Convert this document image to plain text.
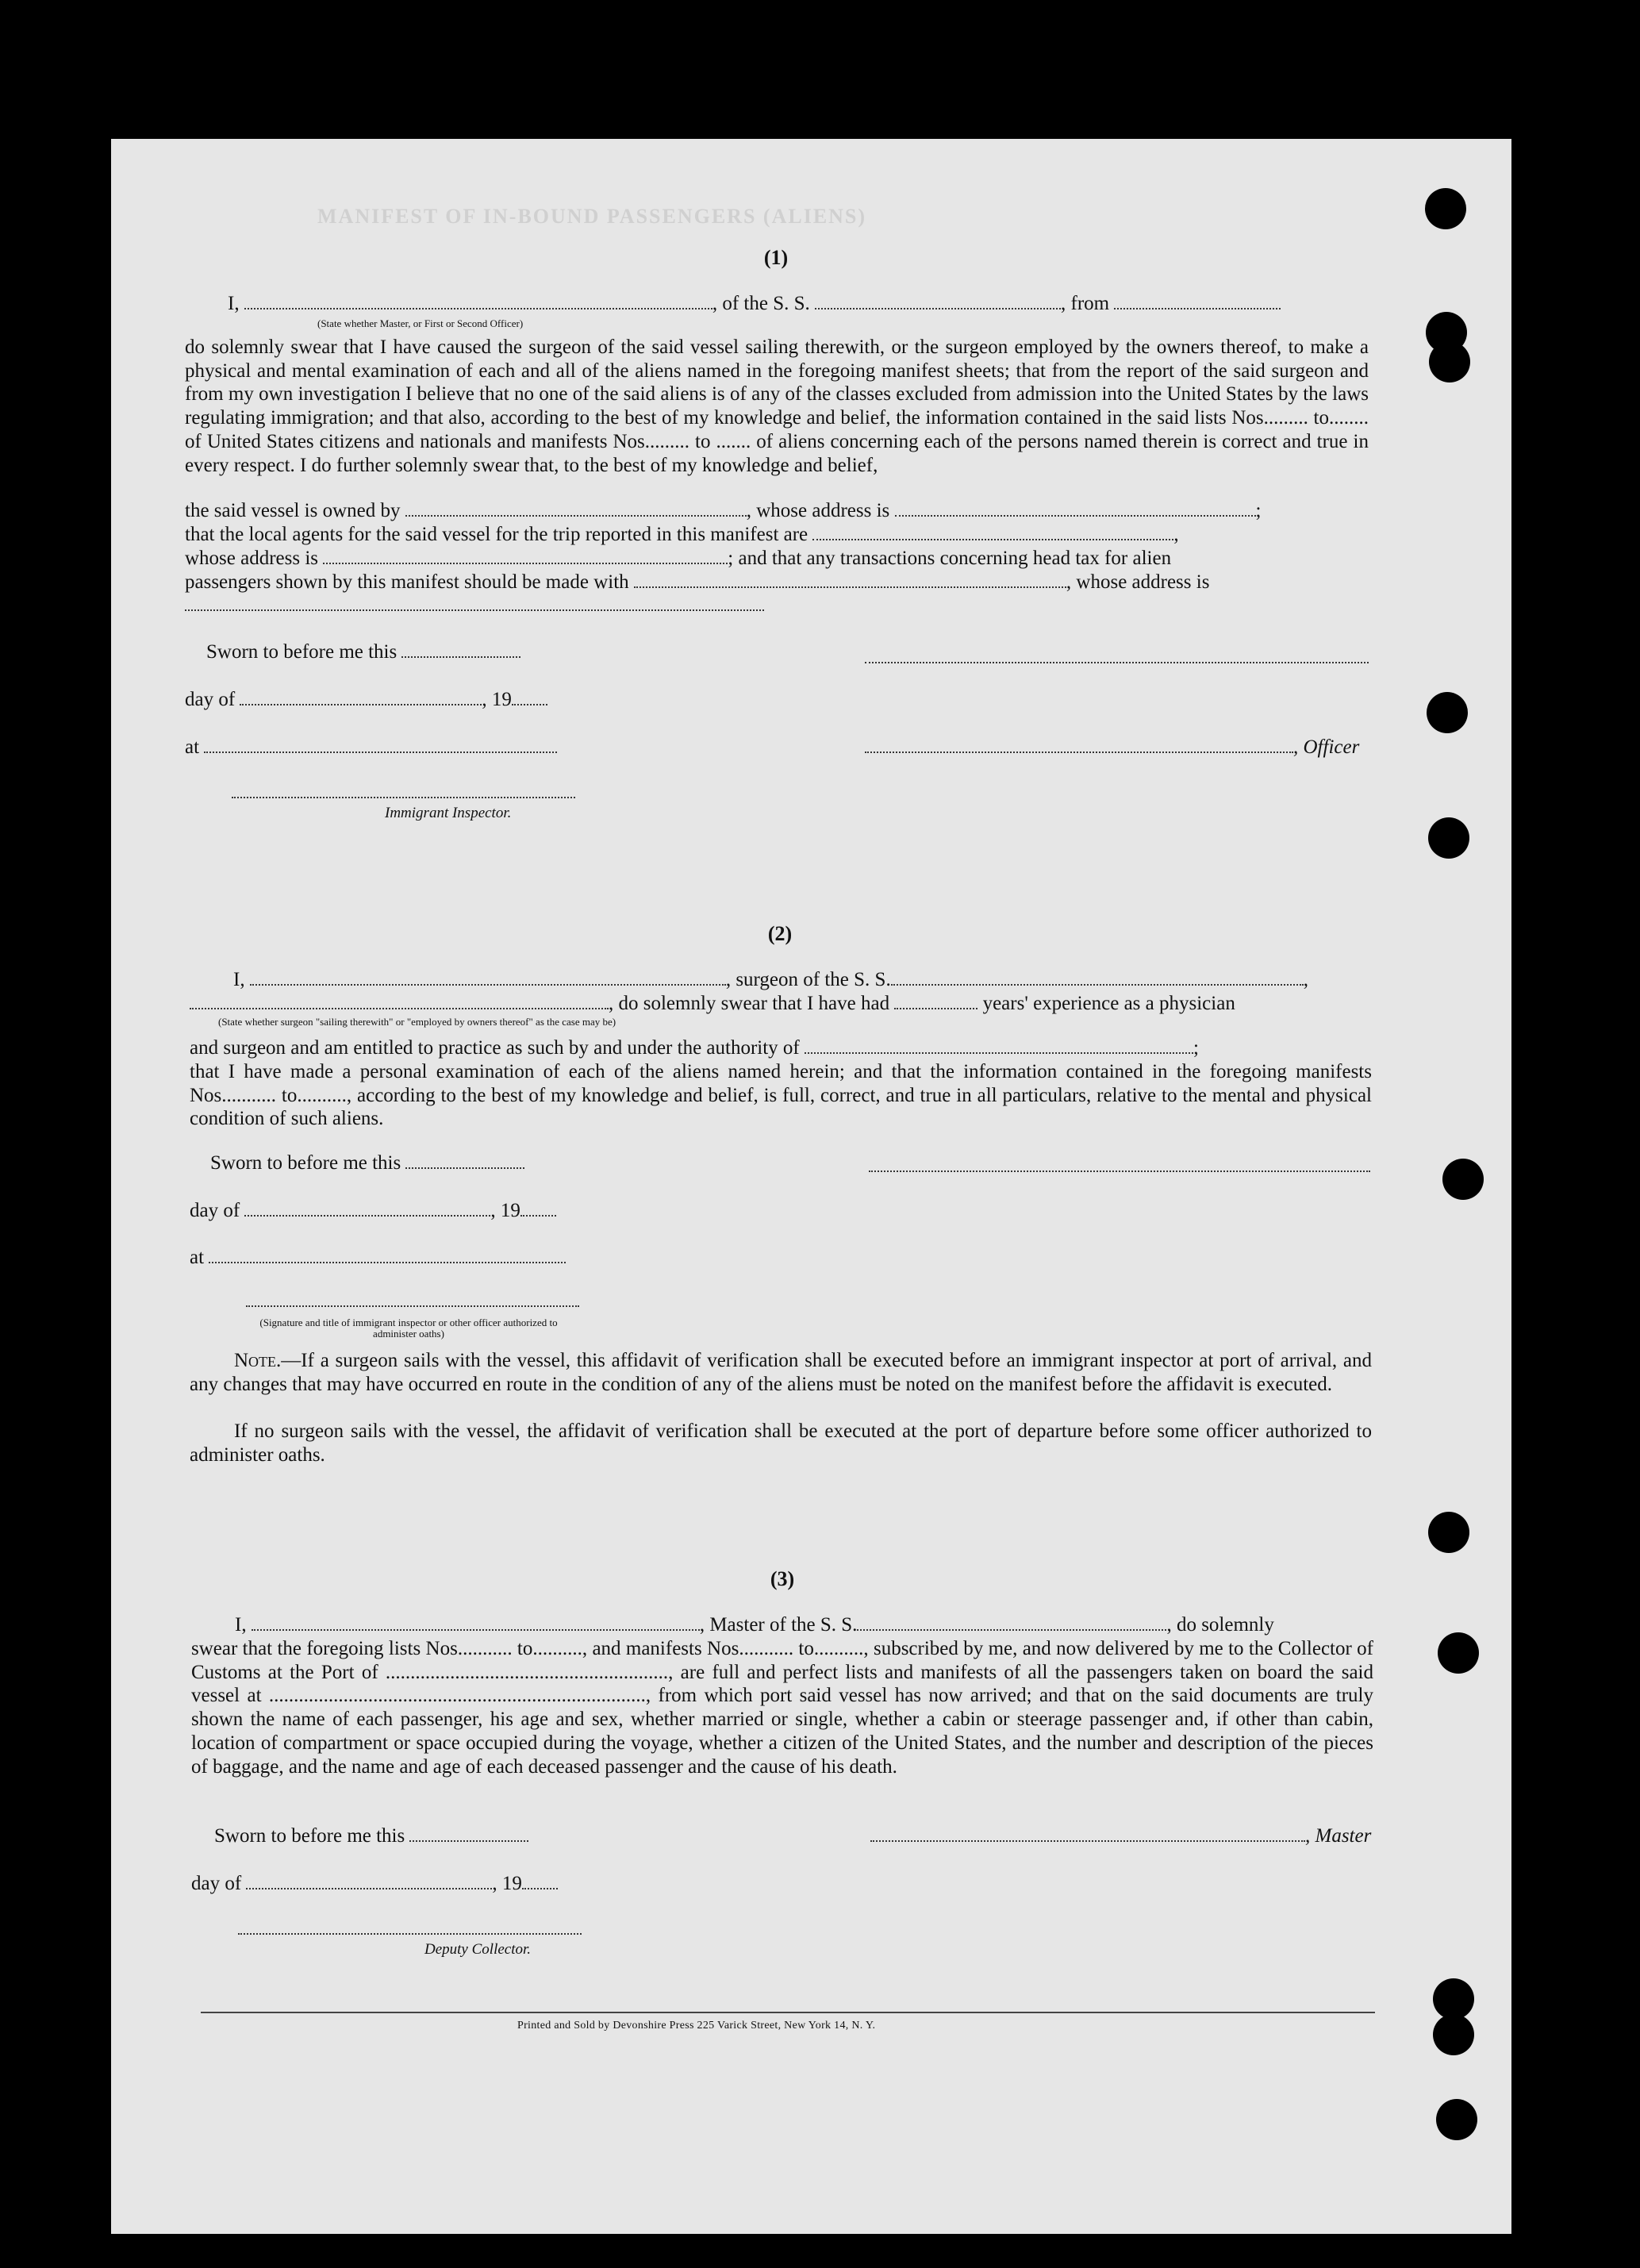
MANIFEST OF IN-BOUND PASSENGERS (ALIENS)
(1)
I,	, of the S. S.	, from
(State whether Master, or First or Second Officer)
do solemnly swear that I have caused the surgeon of the said vessel sailing therewith, or the surgeon employed by the owners thereof, to make a physical and mental examination of each and all of the aliens named in the foregoing manifest sheets; that from the report of the said surgeon and from my own investigation I believe that no one of the said aliens is of any of the classes excluded from admission into the United States by the laws regulating immigration; and that also, according to the best of my knowledge and belief, the information contained in the said lists Nos......... to........ of United States citizens and nationals and manifests Nos......... to ....... of aliens concerning each of the persons named therein is correct and true in every respect. I do further solemnly swear that, to the best of my knowledge and belief,
the said vessel is owned by	, whose address is	;
that the local agents for the said vessel for the trip reported in this manifest are	,
whose address is	; and that any transactions concerning head tax for alien
passengers shown by this manifest should be made with	, whose address is
Sworn to before me this
day of	, 19
at	, Officer
Immigrant Inspector.
(2)
I,	, surgeon of the S. S.	,
, do solemnly swear that I have had	years' experience as a physician
(State whether surgeon "sailing therewith" or "employed by owners thereof" as the case may be)
and surgeon and am entitled to practice as such by and under the authority of	;
that I have made a personal examination of each of the aliens named herein; and that the information contained in the foregoing manifests Nos........... to.........., according to the best of my knowledge and belief, is full, correct, and true in all particulars, relative to the mental and physical condition of such aliens.
Sworn to before me this
day of	, 19
at
(Signature and title of immigrant inspector or other officer authorized to administer oaths)
Note.—If a surgeon sails with the vessel, this affidavit of verification shall be executed before an immigrant inspector at port of arrival, and any changes that may have occurred en route in the condition of any of the aliens must be noted on the manifest before the affidavit is executed.
If no surgeon sails with the vessel, the affidavit of verification shall be executed at the port of departure before some officer authorized to administer oaths.
(3)
I,	, Master of the S. S.	, do solemnly
swear that the foregoing lists Nos........... to.........., and manifests Nos........... to.........., subscribed by me, and now delivered by me to the Collector of Customs at the Port of ........................................................., are full and perfect lists and manifests of all the passengers taken on board the said vessel at ............................................................................, from which port said vessel has now arrived; and that on the said documents are truly shown the name of each passenger, his age and sex, whether married or single, whether a cabin or steerage passenger and, if other than cabin, location of compartment or space occupied during the voyage, whether a citizen of the United States, and the number and description of the pieces of baggage, and the name and age of each deceased passenger and the cause of his death.
Sworn to before me this	, Master
day of	, 19
Deputy Collector.
Printed and Sold by Devonshire Press 225 Varick Street, New York 14, N. Y.
